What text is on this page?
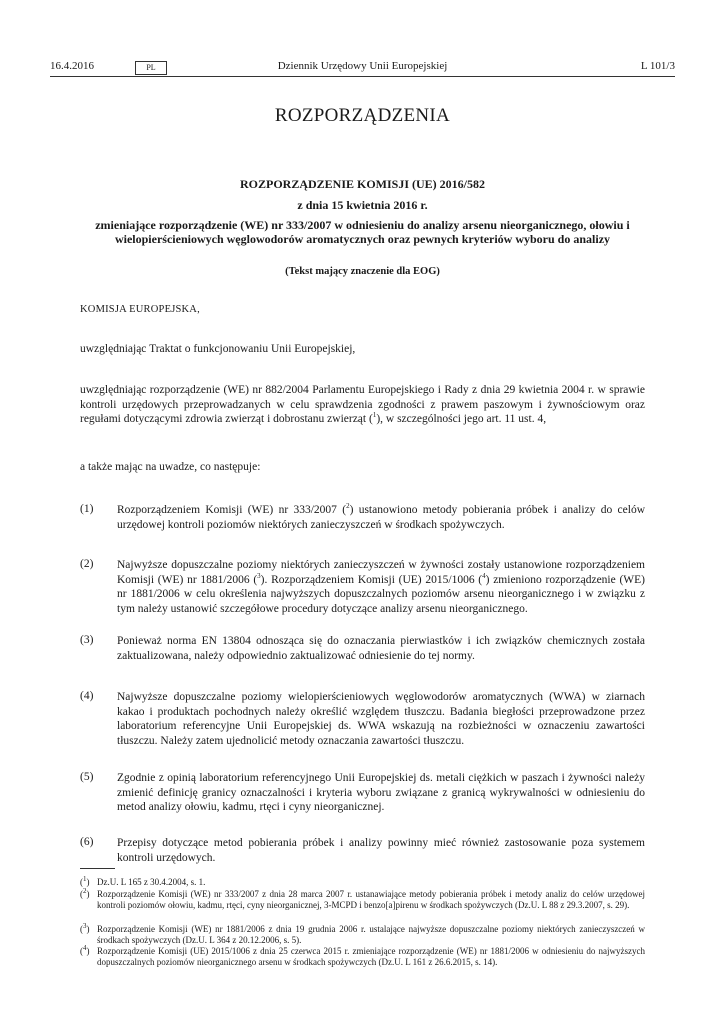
16.4.2016	PL	Dziennik Urzędowy Unii Europejskiej	L 101/3
ROZPORZĄDZENIA
ROZPORZĄDZENIE KOMISJI (UE) 2016/582
z dnia 15 kwietnia 2016 r.
zmieniające rozporządzenie (WE) nr 333/2007 w odniesieniu do analizy arsenu nieorganicznego, ołowiu i wielopierścieniowych węglowodorów aromatycznych oraz pewnych kryteriów wyboru do analizy
(Tekst mający znaczenie dla EOG)
KOMISJA EUROPEJSKA,
uwzględniając Traktat o funkcjonowaniu Unii Europejskiej,
uwzględniając rozporządzenie (WE) nr 882/2004 Parlamentu Europejskiego i Rady z dnia 29 kwietnia 2004 r. w sprawie kontroli urzędowych przeprowadzanych w celu sprawdzenia zgodności z prawem paszowym i żywnościowym oraz regułami dotyczącymi zdrowia zwierząt i dobrostanu zwierząt ($^1$), w szczególności jego art. 11 ust. 4,
a także mając na uwadze, co następuje:
(1) Rozporządzeniem Komisji (WE) nr 333/2007 ($^2$) ustanowiono metody pobierania próbek i analizy do celów urzędowej kontroli poziomów niektórych zanieczyszczeń w środkach spożywczych.
(2) Najwyższe dopuszczalne poziomy niektórych zanieczyszczeń w żywności zostały ustanowione rozporządzeniem Komisji (WE) nr 1881/2006 ($^3$). Rozporządzeniem Komisji (UE) 2015/1006 ($^4$) zmieniono rozporządzenie (WE) nr 1881/2006 w celu określenia najwyższych dopuszczalnych poziomów arsenu nieorganicznego i w związku z tym należy ustanowić szczegółowe procedury dotyczące analizy arsenu nieorganicznego.
(3) Ponieważ norma EN 13804 odnosząca się do oznaczania pierwiastków i ich związków chemicznych została zaktualizowana, należy odpowiednio zaktualizować odniesienie do tej normy.
(4) Najwyższe dopuszczalne poziomy wielopierścieniowych węglowodorów aromatycznych (WWA) w ziarnach kakao i produktach pochodnych należy określić względem tłuszczu. Badania biegłości przeprowadzone przez laboratorium referencyjne Unii Europejskiej ds. WWA wskazują na rozbieżności w oznaczeniu zawartości tłuszczu. Należy zatem ujednolicić metody oznaczania zawartości tłuszczu.
(5) Zgodnie z opinią laboratorium referencyjnego Unii Europejskiej ds. metali ciężkich w paszach i żywności należy zmienić definicję granicy oznaczalności i kryteria wyboru związane z granicą wykrywalności w odniesieniu do metod analizy ołowiu, kadmu, rtęci i cyny nieorganicznej.
(6) Przepisy dotyczące metod pobierania próbek i analizy powinny mieć również zastosowanie poza systemem kontroli urzędowych.
($^1$) Dz.U. L 165 z 30.4.2004, s. 1.
($^2$) Rozporządzenie Komisji (WE) nr 333/2007 z dnia 28 marca 2007 r. ustanawiające metody pobierania próbek i metody analiz do celów urzędowej kontroli poziomów ołowiu, kadmu, rtęci, cyny nieorganicznej, 3-MCPD i benzo[a]pirenu w środkach spożywczych (Dz.U. L 88 z 29.3.2007, s. 29).
($^3$) Rozporządzenie Komisji (WE) nr 1881/2006 z dnia 19 grudnia 2006 r. ustalające najwyższe dopuszczalne poziomy niektórych zanieczyszczeń w środkach spożywczych (Dz.U. L 364 z 20.12.2006, s. 5).
($^4$) Rozporządzenie Komisji (UE) 2015/1006 z dnia 25 czerwca 2015 r. zmieniające rozporządzenie (WE) nr 1881/2006 w odniesieniu do najwyższych dopuszczalnych poziomów nieorganicznego arsenu w środkach spożywczych (Dz.U. L 161 z 26.6.2015, s. 14).
